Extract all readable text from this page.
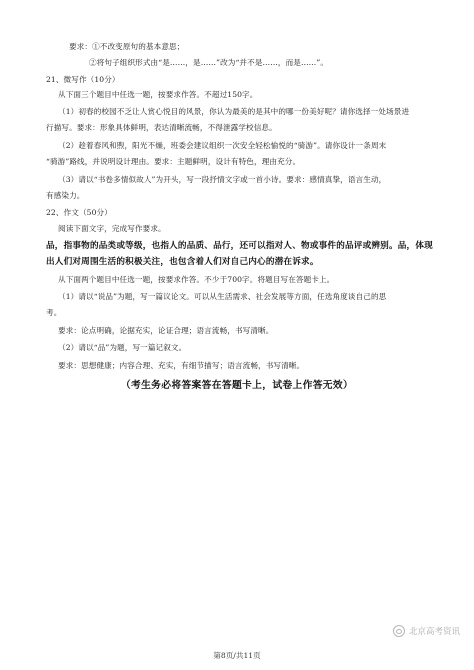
要求：①不改变原句的基本意思；
②将句子组织形式由“是……，是……”改为“并不是……，而是……”。
21、微写作（10分）
从下面三个题目中任选一题，按要求作答。不超过150字。
（1）初春的校园不乏让人赏心悦目的风景，你认为最美的是其中的哪一份美好呢？请你选择一处场景进
行描写。要求：形象具体鲜明，表达清晰流畅，不得泄露学校信息。
（2）趁着春风和煦，阳光不燥，班委会建议组织一次安全轻松愉悦的“骑游”。请你设计一条周末
“骑游”路线，并说明设计理由。要求：主题鲜明，设计有特色，理由充分。
（3）请以“书卷多情似故人”为开头，写一段抒情文字或一首小诗。要求：感情真挚，语言生动，
有感染力。
22、作文（50分）
阅读下面文字，完成写作要求。
品，指事物的品类或等级，也指人的品质、品行，还可以指对人、物或事件的品评或辨别。品，体现
出人们对周围生活的积极关注，也包含着人们对自己内心的潜在诉求。
从下面两个题目中任选一题，按要求作答。不少于700字。将题目写在答题卡上。
（1）请以“说品”为题，写一篇议论文。可以从生活需求、社会发展等方面，任选角度谈自己的思
考。
要求：论点明确，论据充实，论证合理；语言流畅，书写清晰。
（2）请以“品”为题，写一篇记叙文。
要求：思想健康；内容合理、充实，有细节描写；语言流畅，书写清晰。
（考生务必将答案答在答题卡上，试卷上作答无效）
北京高考资讯
第8页/共11页
